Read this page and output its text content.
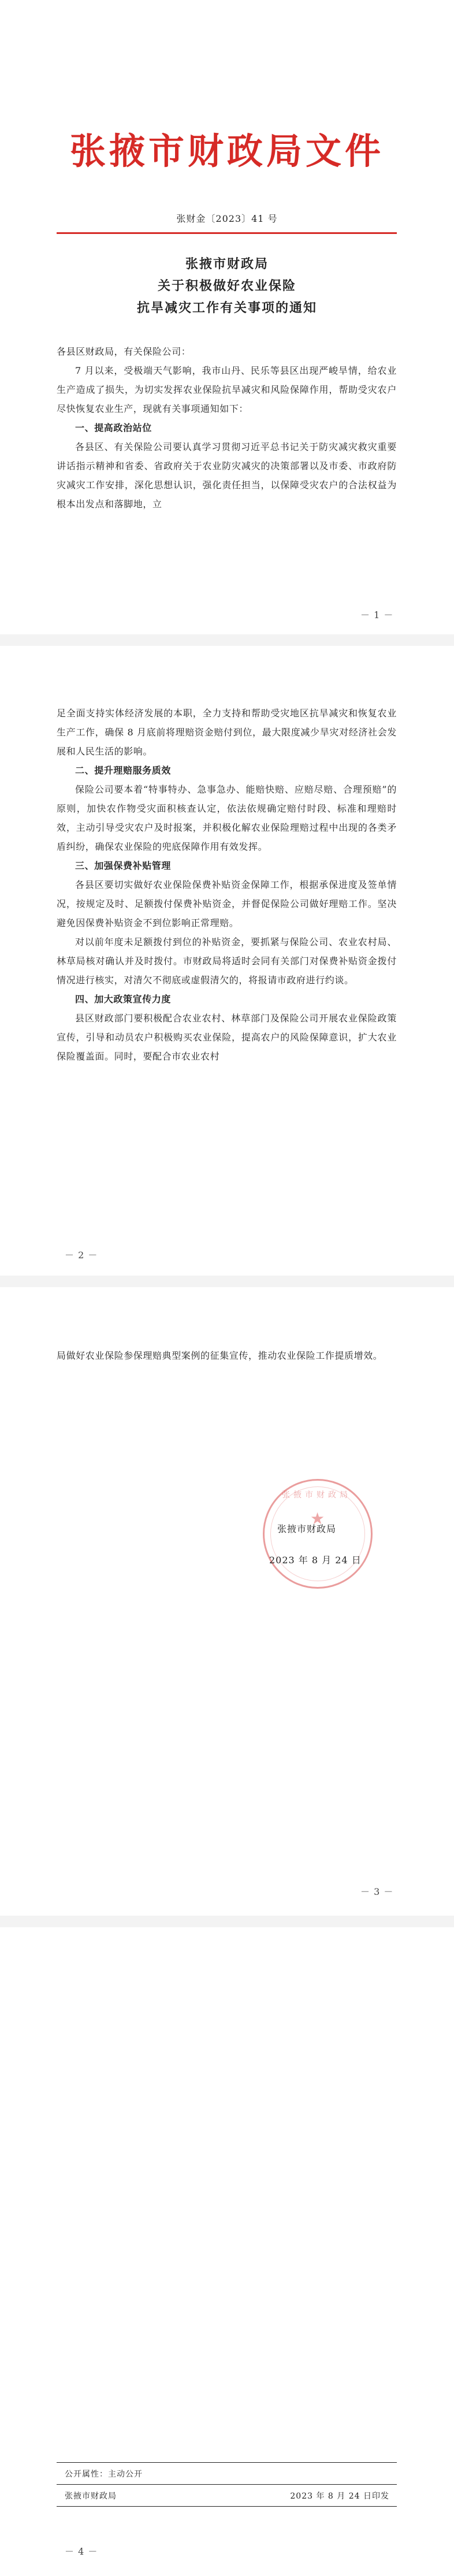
张掖市财政局文件
张财金〔2023〕41 号
张掖市财政局
关于积极做好农业保险
抗旱减灾工作有关事项的通知

各县区财政局，有关保险公司：

7 月以来，受极端天气影响，我市山丹、民乐等县区出现严峻旱情，给农业生产造成了损失，为切实发挥农业保险抗旱减灾和风险保障作用，帮助受灾农户尽快恢复农业生产，现就有关事项通知如下：

一、提高政治站位

各县区、有关保险公司要认真学习贯彻习近平总书记关于防灾减灾救灾重要讲话指示精神和省委、省政府关于农业防灾减灾的决策部署以及市委、市政府防灾减灾工作安排，深化思想认识，强化责任担当，以保障受灾农户的合法权益为根本出发点和落脚地，立

－ 1 －

足全面支持实体经济发展的本职，全力支持和帮助受灾地区抗旱减灾和恢复农业生产工作，确保 8 月底前将理赔资金赔付到位，最大限度减少旱灾对经济社会发展和人民生活的影响。

二、提升理赔服务质效

保险公司要本着“特事特办、急事急办、能赔快赔、应赔尽赔、合理预赔”的原则，加快农作物受灾面积核查认定，依法依规确定赔付时段、标准和理赔时效，主动引导受灾农户及时报案，并积极化解农业保险理赔过程中出现的各类矛盾纠纷，确保农业保险的兜底保障作用有效发挥。

三、加强保费补贴管理

各县区要切实做好农业保险保费补贴资金保障工作，根据承保进度及签单情况，按规定及时、足额拨付保费补贴资金，并督促保险公司做好理赔工作。坚决避免因保费补贴资金不到位影响正常理赔。

对以前年度未足额拨付到位的补贴资金，要抓紧与保险公司、农业农村局、林草局核对确认并及时拨付。市财政局将适时会同有关部门对保费补贴资金拨付情况进行核实，对清欠不彻底或虚假清欠的，将报请市政府进行约谈。

四、加大政策宣传力度

县区财政部门要积极配合农业农村、林草部门及保险公司开展农业保险政策宣传，引导和动员农户积极购买农业保险，提高农户的风险保障意识，扩大农业保险覆盖面。同时，要配合市农业农村

－ 2 －

局做好农业保险参保理赔典型案例的征集宣传，推动农业保险工作提质增效。

张掖市财政局
★
张掖市财政局
2023 年 8 月 24 日
－ 3 －
公开属性：主动公开
张掖市财政局	2023 年 8 月 24 日印发
－ 4 －
